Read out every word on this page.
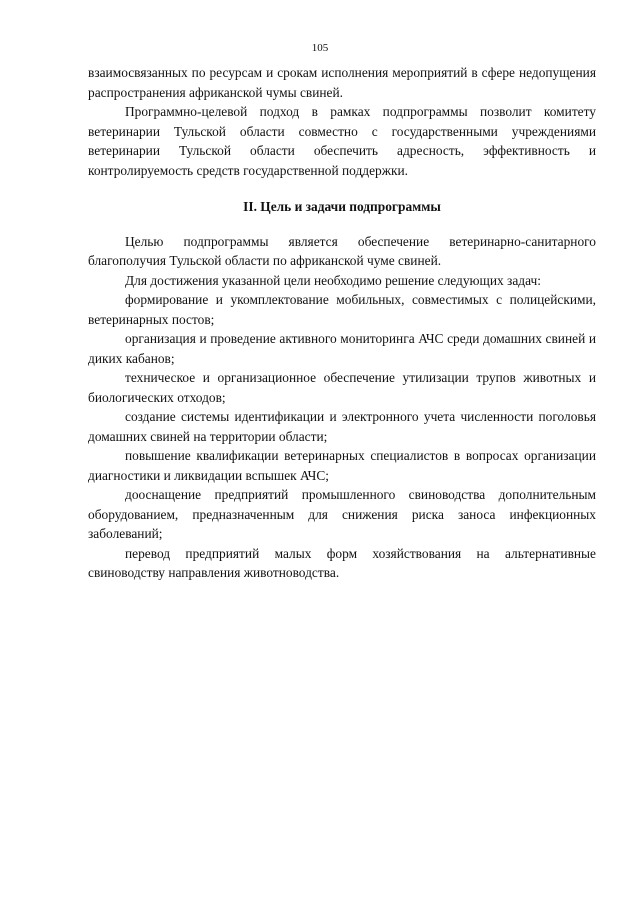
105

взаимосвязанных по ресурсам и срокам исполнения мероприятий в сфере недопущения распространения африканской чумы свиней.

Программно-целевой подход в рамках подпрограммы позволит комитету ветеринарии Тульской области совместно с государственными учреждениями ветеринарии Тульской области обеспечить адресность, эффективность и контролируемость средств государственной поддержки.

II. Цель и задачи подпрограммы

Целью подпрограммы является обеспечение ветеринарно-санитарного благополучия Тульской области по африканской чуме свиней.

Для достижения указанной цели необходимо решение следующих задач:

формирование и укомплектование мобильных, совместимых с полицейскими, ветеринарных постов;

организация и проведение активного мониторинга АЧС среди домашних свиней и диких кабанов;

техническое и организационное обеспечение утилизации трупов животных и биологических отходов;

создание системы идентификации и электронного учета численности поголовья домашних свиней на территории области;

повышение квалификации ветеринарных специалистов в вопросах организации диагностики и ликвидации вспышек АЧС;

дооснащение предприятий промышленного свиноводства дополнительным оборудованием, предназначенным для снижения риска заноса инфекционных заболеваний;

перевод предприятий малых форм хозяйствования на альтернативные свиноводству направления животноводства.
